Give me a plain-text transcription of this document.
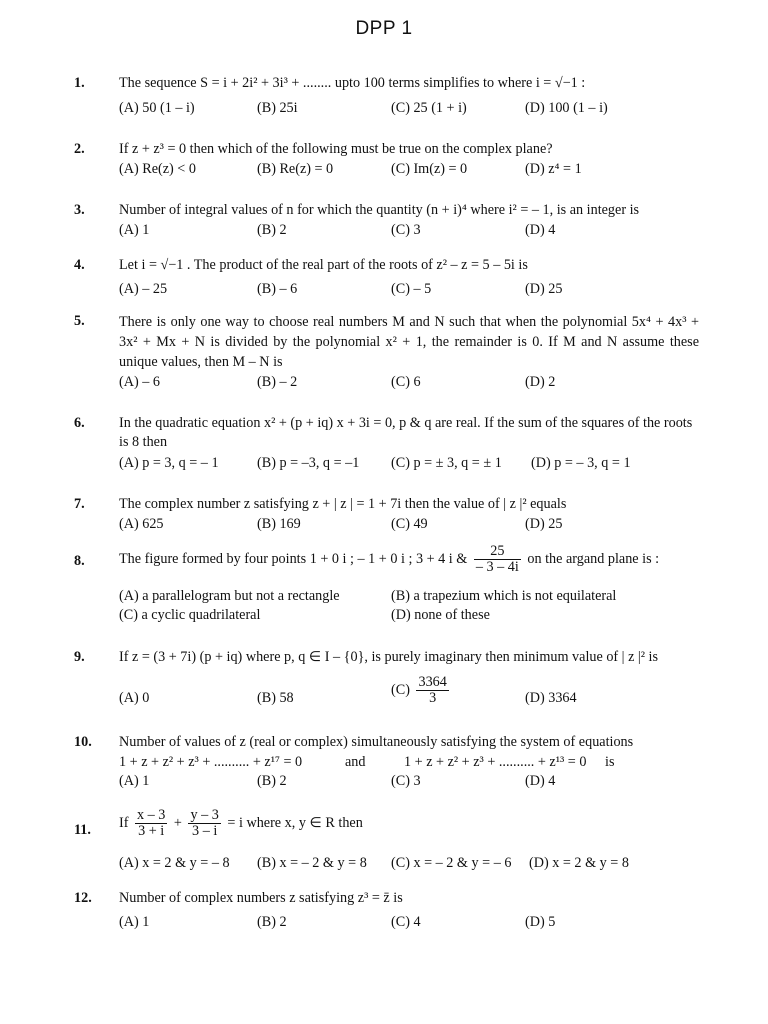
DPP 1
1.	The sequence S = i + 2i² + 3i³ + ........ upto 100 terms simplifies to where i = √−1 :
(A) 50 (1 – i)	(B) 25i	(C) 25 (1 + i)	(D) 100 (1 – i)
2.	If z + z³ = 0 then which of the following must be true on the complex plane?
(A) Re(z) < 0	(B) Re(z) = 0	(C) Im(z) = 0	(D) z⁴ = 1
3.	Number of integral values of n for which the quantity (n + i)⁴ where i² = – 1, is an integer is
(A) 1	(B) 2	(C) 3	(D) 4
4.	Let i = √−1 . The product of the real part of the roots of z² – z = 5 – 5i is
(A) – 25	(B) – 6	(C) – 5	(D) 25
5.	There is only one way to choose real numbers M and N such that when the polynomial 5x⁴ + 4x³ + 3x² + Mx + N is divided by the polynomial x² + 1, the remainder is 0. If M and N assume these unique values, then M – N is
(A) – 6	(B) – 2	(C) 6	(D) 2
6.	In the quadratic equation x² + (p + iq) x + 3i = 0, p & q are real. If the sum of the squares of the roots is 8 then
(A) p = 3, q = – 1	(B) p = –3, q = –1 (C) p = ± 3, q = ± 1 (D) p = – 3, q = 1
7.	The complex number z satisfying z + | z | = 1 + 7i then the value of | z |² equals
(A) 625	(B) 169	(C) 49	(D) 25
8.	The figure formed by four points 1 + 0 i ; – 1 + 0 i ; 3 + 4 i & $\frac{25}{- 3 - 4i}$ on the argand plane is :
(A) a parallelogram but not a rectangle	(B) a trapezium which is not equilateral
(C) a cyclic quadrilateral	(D) none of these
9.	If z = (3 + 7i) (p + iq) where p, q ∈ I – {0}, is purely imaginary then minimum value of | z |² is
(A) 0	(B) 58
$(C) \frac{3364}{3}$	(D) 3364
10.	Number of values of z (real or complex) simultaneously satisfying the system of equations
1 + z + z² + z³ + .......... + z¹⁷ = 0	and	1 + z + z² + z³ + .......... + z¹³ = 0 is
(A) 1	(B) 2	(C) 3	(D) 4
11.	If $\frac{x - 3}{3 + i} + \frac{y - 3}{3 - i} = i$ where x, y ∈ R then
(A) x = 2 & y = – 8 (B) x = – 2 & y = 8 (C) x = – 2 & y = – 6 (D) x = 2 & y = 8
12.	Number of complex numbers z satisfying z³ = z̄ is
(A) 1	(B) 2	(C) 4	(D) 5
